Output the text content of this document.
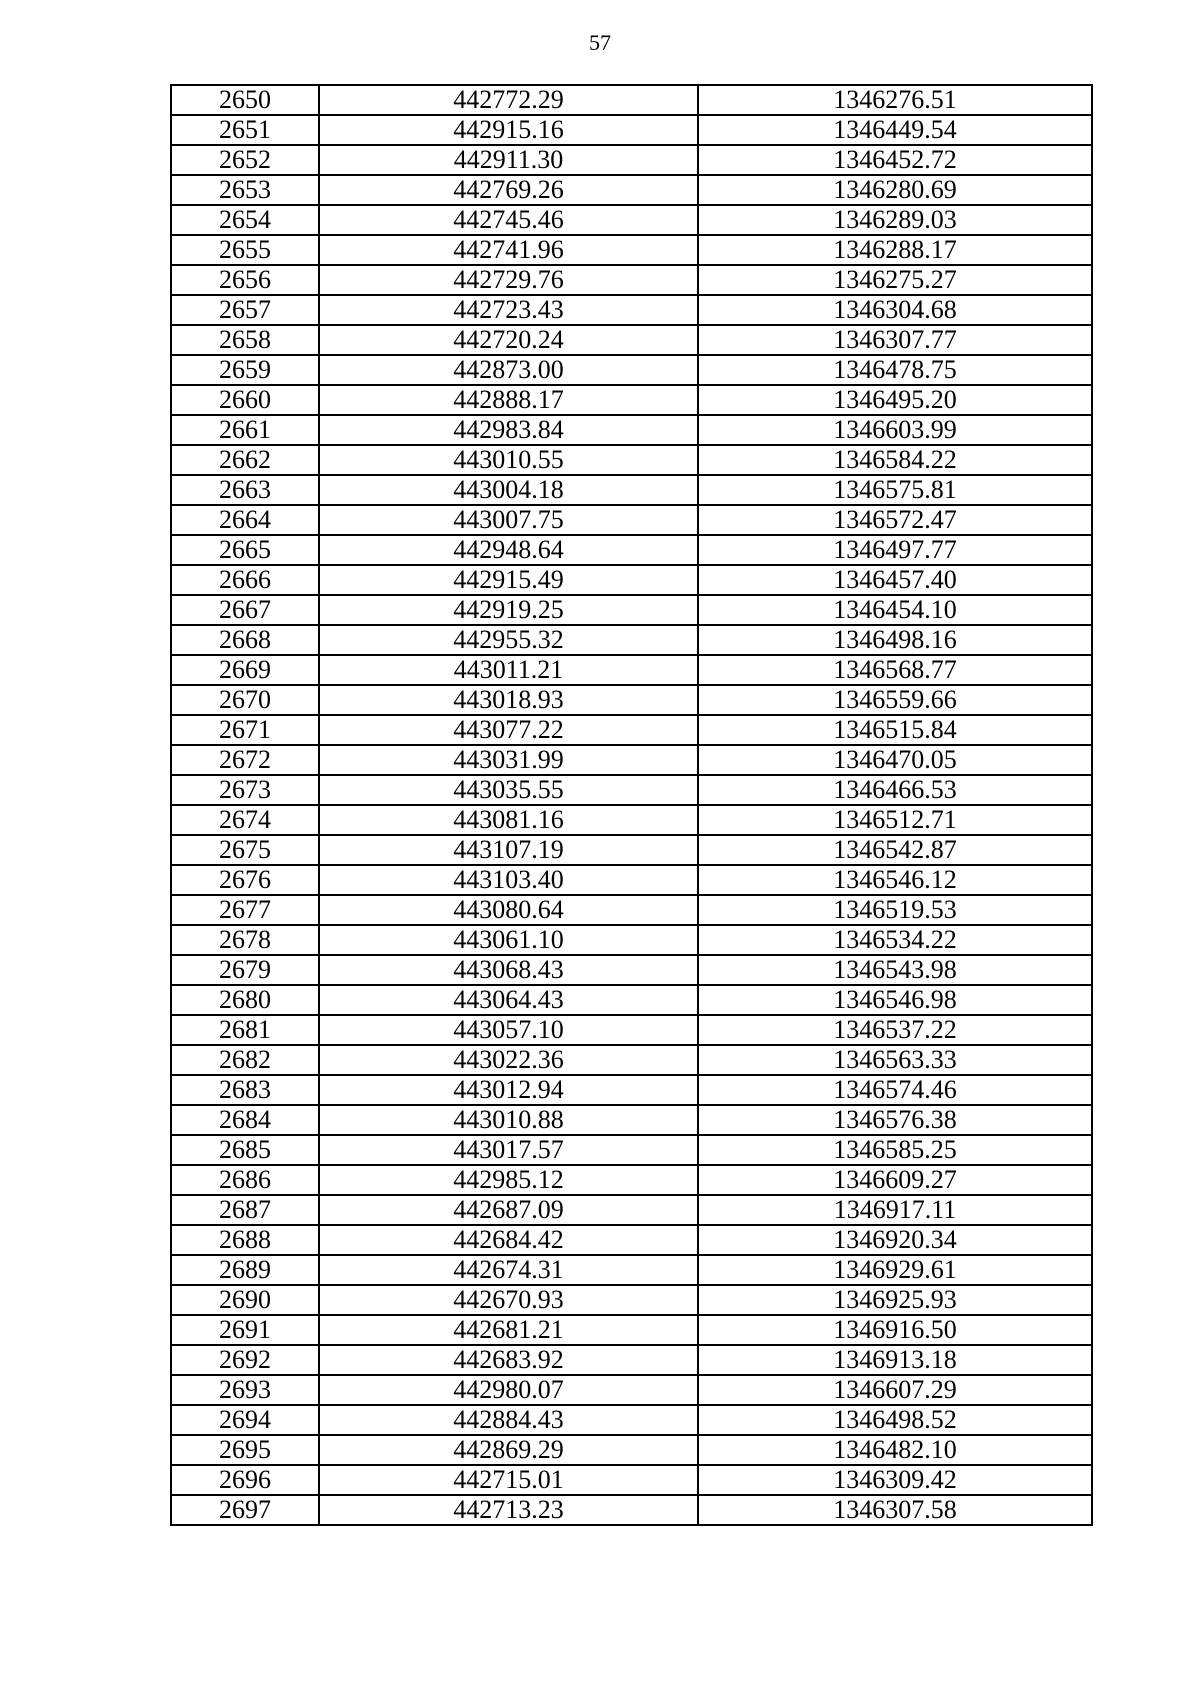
57
2650	442772.29	1346276.51
2651	442915.16	1346449.54
2652	442911.30	1346452.72
2653	442769.26	1346280.69
2654	442745.46	1346289.03
2655	442741.96	1346288.17
2656	442729.76	1346275.27
2657	442723.43	1346304.68
2658	442720.24	1346307.77
2659	442873.00	1346478.75
2660	442888.17	1346495.20
2661	442983.84	1346603.99
2662	443010.55	1346584.22
2663	443004.18	1346575.81
2664	443007.75	1346572.47
2665	442948.64	1346497.77
2666	442915.49	1346457.40
2667	442919.25	1346454.10
2668	442955.32	1346498.16
2669	443011.21	1346568.77
2670	443018.93	1346559.66
2671	443077.22	1346515.84
2672	443031.99	1346470.05
2673	443035.55	1346466.53
2674	443081.16	1346512.71
2675	443107.19	1346542.87
2676	443103.40	1346546.12
2677	443080.64	1346519.53
2678	443061.10	1346534.22
2679	443068.43	1346543.98
2680	443064.43	1346546.98
2681	443057.10	1346537.22
2682	443022.36	1346563.33
2683	443012.94	1346574.46
2684	443010.88	1346576.38
2685	443017.57	1346585.25
2686	442985.12	1346609.27
2687	442687.09	1346917.11
2688	442684.42	1346920.34
2689	442674.31	1346929.61
2690	442670.93	1346925.93
2691	442681.21	1346916.50
2692	442683.92	1346913.18
2693	442980.07	1346607.29
2694	442884.43	1346498.52
2695	442869.29	1346482.10
2696	442715.01	1346309.42
2697	442713.23	1346307.58
